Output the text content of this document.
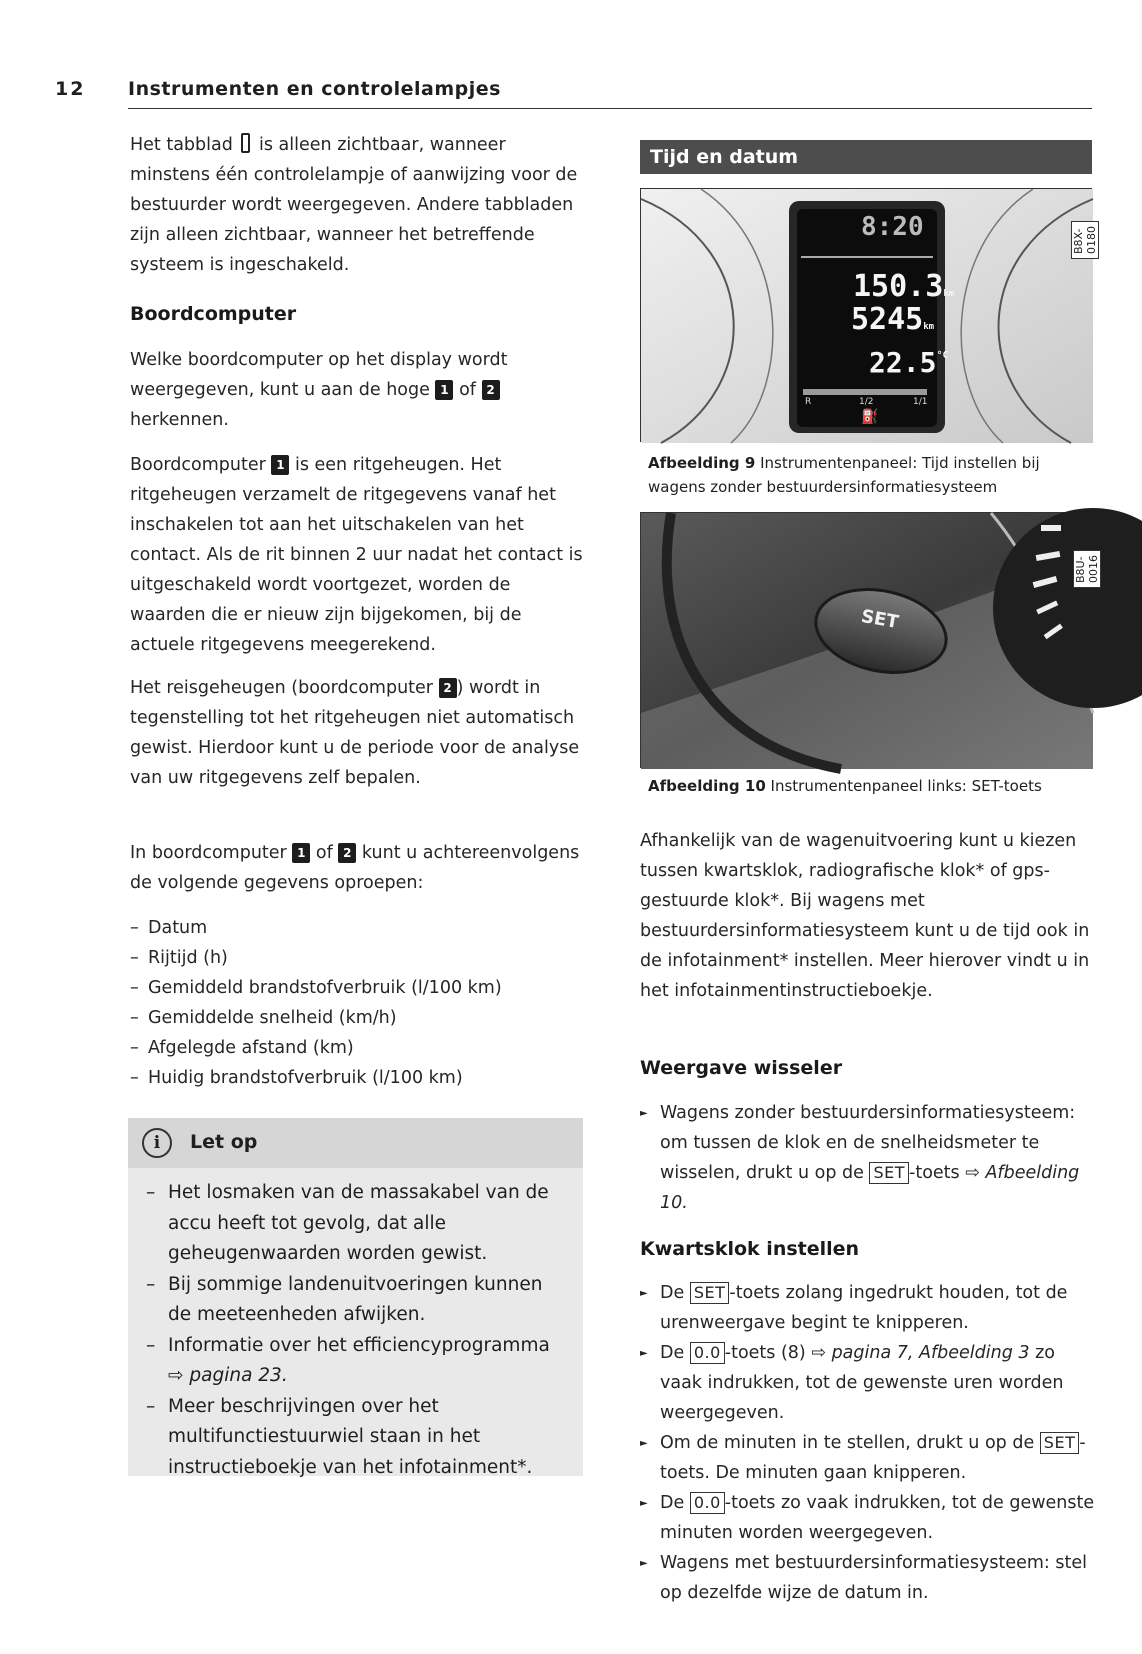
12 Instrumenten en controlelampjes
Het tabblad is alleen zichtbaar, wanneer minstens één controlelampje of aanwijzing voor de bestuurder wordt weergegeven. Andere tabbladen zijn alleen zichtbaar, wanneer het betreffende systeem is ingeschakeld.
Boordcomputer
Welke boordcomputer op het display wordt weergegeven, kunt u aan de hoge 1 of 2 herkennen.
Boordcomputer 1 is een ritgeheugen. Het ritgeheugen verzamelt de ritgegevens vanaf het inschakelen tot aan het uitschakelen van het contact. Als de rit binnen 2 uur nadat het contact is uitgeschakeld wordt voortgezet, worden de waarden die er nieuw zijn bijgekomen, bij de actuele ritgegevens meegerekend.
Het reisgeheugen (boordcomputer 2 ) wordt in tegenstelling tot het ritgeheugen niet automatisch gewist. Hierdoor kunt u de periode voor de analyse van uw ritgegevens zelf bepalen.
In boordcomputer 1 of 2 kunt u achtereenvolgens de volgende gegevens oproepen:
– Datum
– Rijtijd (h)
– Gemiddeld brandstofverbruik (l/100 km)
– Gemiddelde snelheid (km/h)
– Afgelegde afstand (km)
– Huidig brandstofverbruik (l/100 km)
i	Let op
– Het losmaken van de massakabel van de accu heeft tot gevolg, dat alle geheugenwaarden worden gewist.
– Bij sommige landenuitvoeringen kunnen de meeteenheden afwijken.
– Informatie over het efficiencyprogramma ⇨ pagina 23.
– Meer beschrijvingen over het multifunctiestuurwiel staan in het instructieboekje van het infotainment*.
Tijd en datum
8:20
150.3km
5245km
$22.5^{^\circ C}$
R	1/2	1/1
⛽
B8X-0180
Afbeelding 9 Instrumentenpaneel: Tijd instellen bij wagens zonder bestuurdersinformatiesysteem
SET
B8U-0016
Afbeelding 10 Instrumentenpaneel links: SET-toets
Afhankelijk van de wagenuitvoering kunt u kiezen tussen kwartsklok, radiografische klok* of gps-gestuurde klok*. Bij wagens met bestuurdersinformatiesysteem kunt u de tijd ook in de infotainment* instellen. Meer hierover vindt u in het infotainmentinstructieboekje.
Weergave wisseler
► Wagens zonder bestuurdersinformatiesysteem: om tussen de klok en de snelheidsmeter te wisselen, drukt u op de SET -toets ⇨ Afbeelding 10.
Kwartsklok instellen
► De SET -toets zolang ingedrukt houden, tot de urenweergave begint te knipperen.
► De 0.0 -toets (8) ⇨ pagina 7, Afbeelding 3 zo vaak indrukken, tot de gewenste uren worden weergegeven.
► Om de minuten in te stellen, drukt u op de SET -toets. De minuten gaan knipperen.
► De 0.0 -toets zo vaak indrukken, tot de gewenste minuten worden weergegeven.
► Wagens met bestuurdersinformatiesysteem: stel op dezelfde wijze de datum in.
